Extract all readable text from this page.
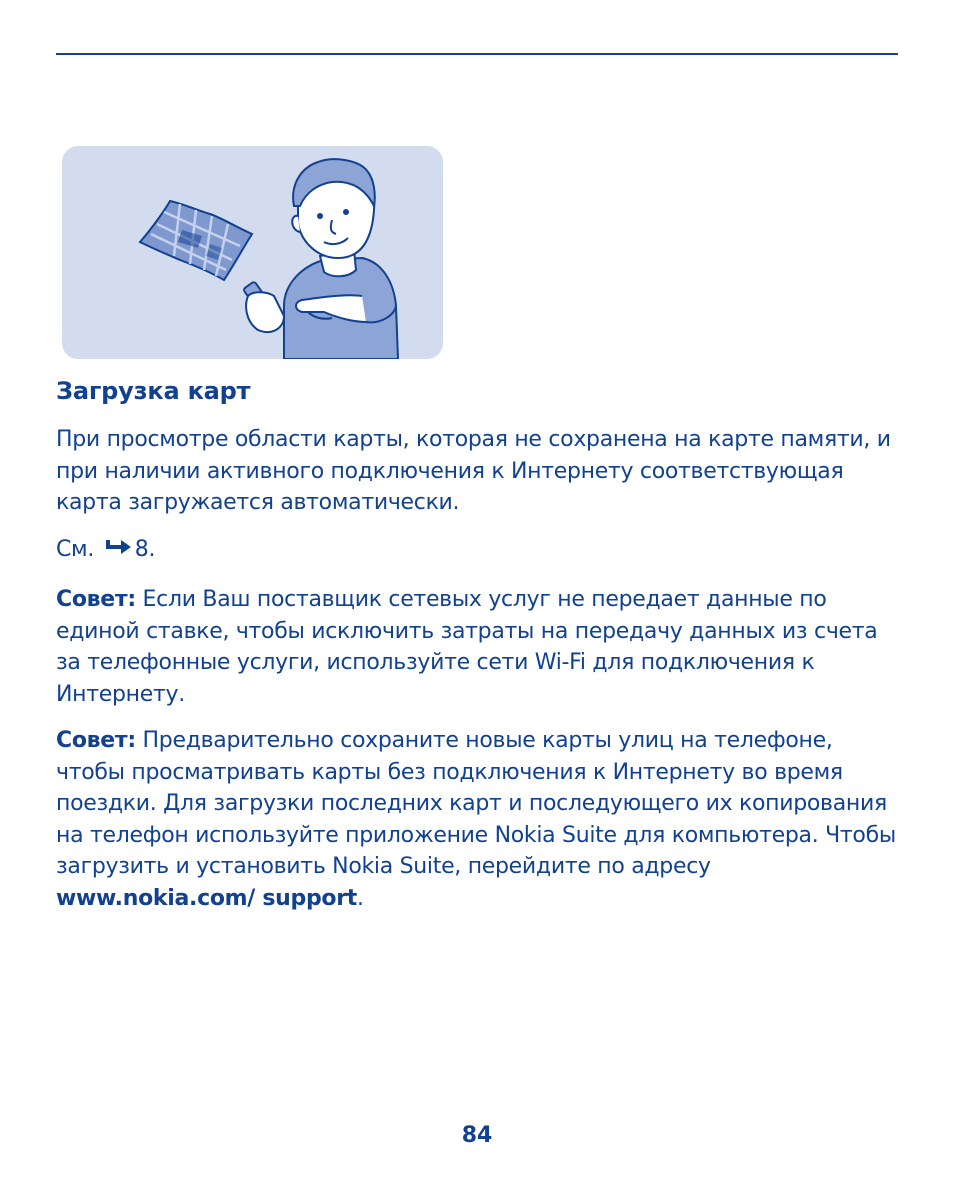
Загрузка карт

При просмотре области карты, которая не сохранена на карте памяти, и при наличии активного подключения к Интернету соответствующая карта загружается автоматически.

См. 8.

Совет: Если Ваш поставщик сетевых услуг не передает данные по единой ставке, чтобы исключить затраты на передачу данных из счета за телефонные услуги, используйте сети Wi-Fi для подключения к Интернету.

Совет: Предварительно сохраните новые карты улиц на телефоне, чтобы просматривать карты без подключения к Интернету во время поездки. Для загрузки последних карт и последующего их копирования на телефон используйте приложение Nokia Suite для компьютера. Чтобы загрузить и установить Nokia Suite, перейдите по адресу www.nokia.com/ support.

84
